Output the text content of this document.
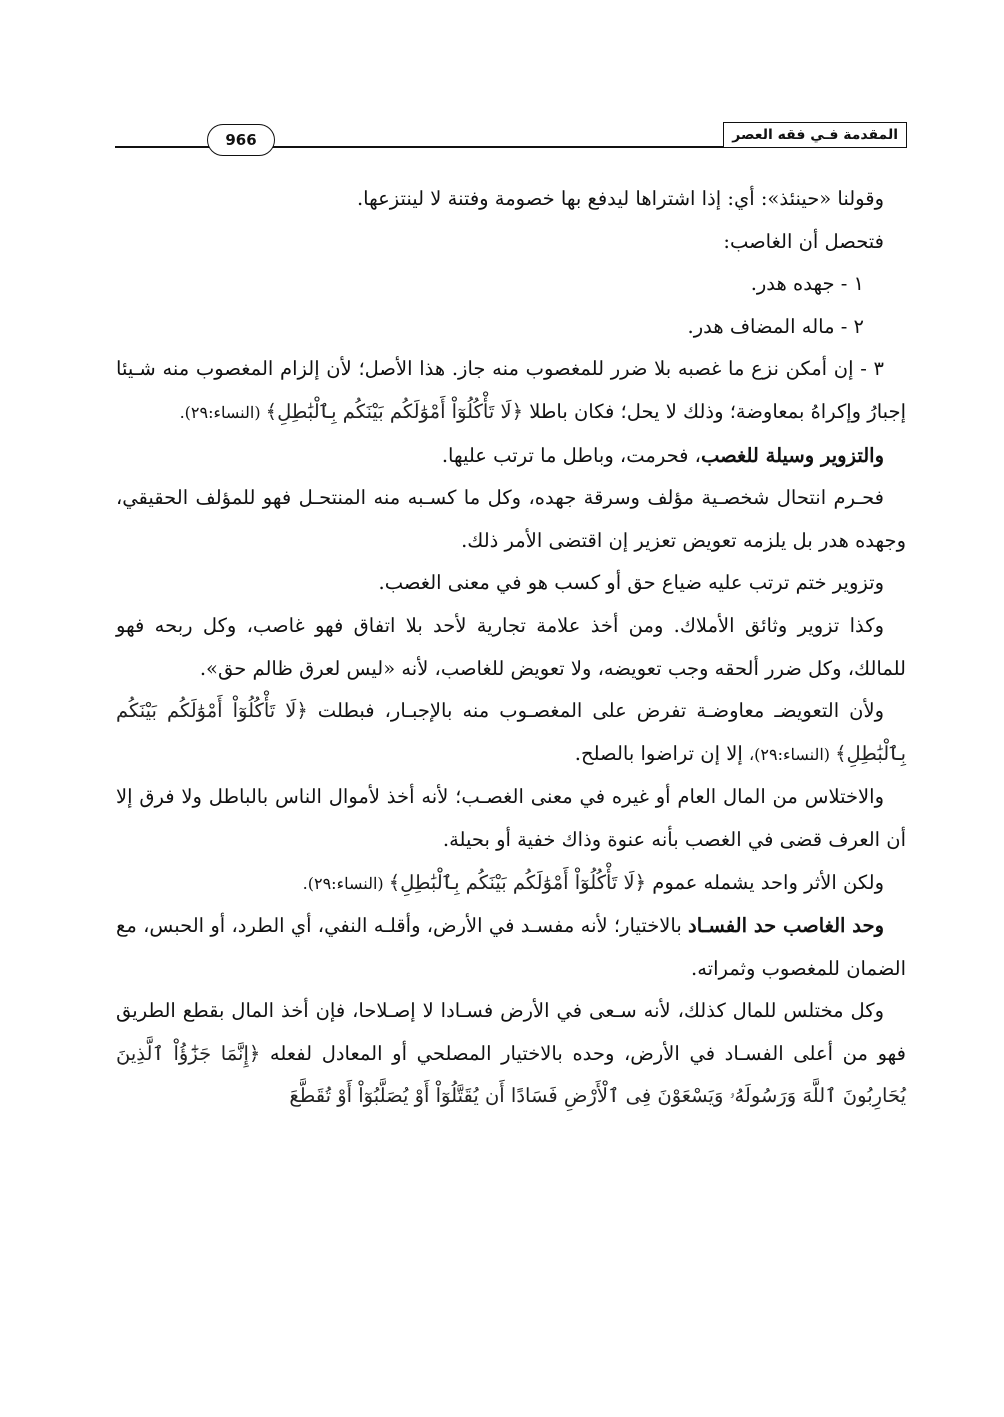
المقدمة فـي فقه العصر
966

وقولنا «حينئذ»: أي: إذا اشتراها ليدفع بها خصومة وفتنة لا لينتزعها.

فتحصل أن الغاصب:

١ - جهده هدر.

٢ - ماله المضاف هدر.

٣ - إن أمكن نزع ما غصبه بلا ضرر للمغصوب منه جاز. هذا الأصل؛ لأن إلزام المغصوب منه شـيئا إجبارُ وإكراهُ بمعاوضة؛ وذلك لا يحل؛ فكان باطلا ﴿لَا تَأْكُلُوٓاْ أَمْوَٰلَكُم بَيْنَكُم بِٱلْبَٰطِلِ﴾ (النساء:٢٩).

والتزوير وسيلة للغصب، فحرمت، وباطل ما ترتب عليها.

فحـرم انتحال شخصـية مؤلف وسرقة جهده، وكل ما كسـبه منه المنتحـل فهو للمؤلف الحقيقي، وجهده هدر بل يلزمه تعويض تعزير إن اقتضى الأمر ذلك.

وتزوير ختم ترتب عليه ضياع حق أو كسب هو في معنى الغصب.

وكذا تزوير وثائق الأملاك. ومن أخذ علامة تجارية لأحد بلا اتفاق فهو غاصب، وكل ربحه فهو للمالك، وكل ضرر ألحقه وجب تعويضه، ولا تعويض للغاصب، لأنه «ليس لعرق ظالم حق».

ولأن التعويضـ معاوضـة تفرض على المغصـوب منه بالإجبـار، فبطلت ﴿لَا تَأْكُلُوٓاْ أَمْوَٰلَكُم بَيْنَكُم بِٱلْبَٰطِلِ﴾ (النساء:٢٩)، إلا إن تراضوا بالصلح.

والاختلاس من المال العام أو غيره في معنى الغصـب؛ لأنه أخذ لأموال الناس بالباطل ولا فرق إلا أن العرف قضى في الغصب بأنه عنوة وذاك خفية أو بحيلة.

ولكن الأثر واحد يشمله عموم ﴿لَا تَأْكُلُوٓاْ أَمْوَٰلَكُم بَيْنَكُم بِٱلْبَٰطِلِ﴾ (النساء:٢٩).

وحد الغاصب حد الفسـاد بالاختيار؛ لأنه مفسـد في الأرض، وأقلـه النفي، أي الطرد، أو الحبس، مع الضمان للمغصوب وثمراته.

وكل مختلس للمال كذلك، لأنه سـعى في الأرض فسـادا لا إصـلاحا، فإن أخذ المال بقطع الطريق فهو من أعلى الفسـاد في الأرض، وحده بالاختيار المصلحي أو المعادل لفعله ﴿إِنَّمَا جَزَٰٓؤُاْ ٱلَّذِينَ يُحَارِبُونَ ٱللَّهَ وَرَسُولَهُۥ وَيَسْعَوْنَ فِى ٱلْأَرْضِ فَسَادًا أَن يُقَتَّلُوٓاْ أَوْ يُصَلَّبُوٓاْ أَوْ تُقَطَّعَ
